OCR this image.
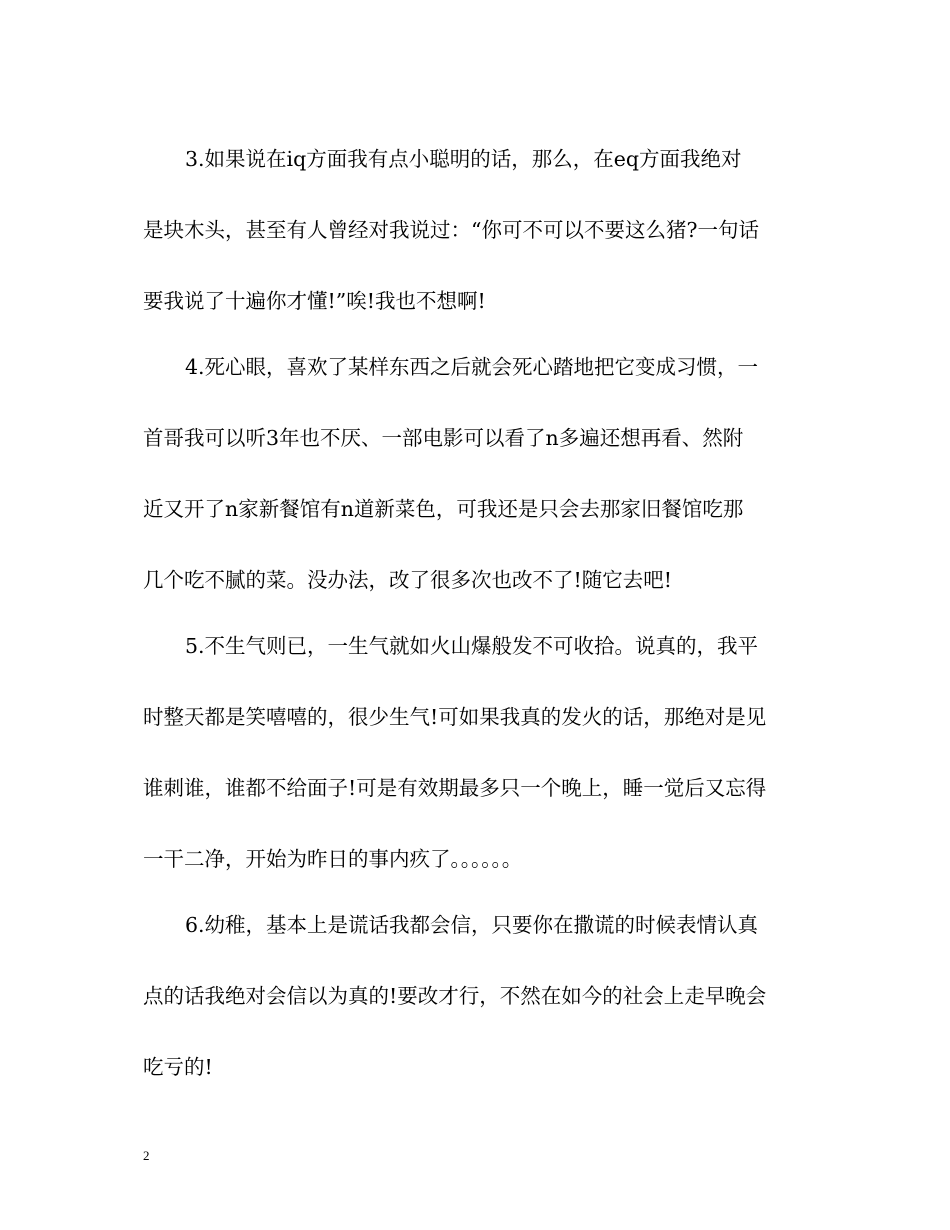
3.如果说在iq方面我有点小聪明的话，那么，在eq方面我绝对
是块木头，甚至有人曾经对我说过：“你可不可以不要这么猪?一句话
要我说了十遍你才懂!”唉!我也不想啊!
4.死心眼，喜欢了某样东西之后就会死心踏地把它变成习惯，一
首哥我可以听3年也不厌、一部电影可以看了n多遍还想再看、然附
近又开了n家新餐馆有n道新菜色，可我还是只会去那家旧餐馆吃那
几个吃不腻的菜。没办法，改了很多次也改不了!随它去吧!
5.不生气则已，一生气就如火山爆般发不可收拾。说真的，我平
时整天都是笑嘻嘻的，很少生气!可如果我真的发火的话，那绝对是见
谁刺谁，谁都不给面子!可是有效期最多只一个晚上，睡一觉后又忘得
一干二净，开始为昨日的事内疚了。。。。。。
6.幼稚，基本上是谎话我都会信，只要你在撒谎的时候表情认真
点的话我绝对会信以为真的!要改才行，不然在如今的社会上走早晚会
吃亏的!
2
